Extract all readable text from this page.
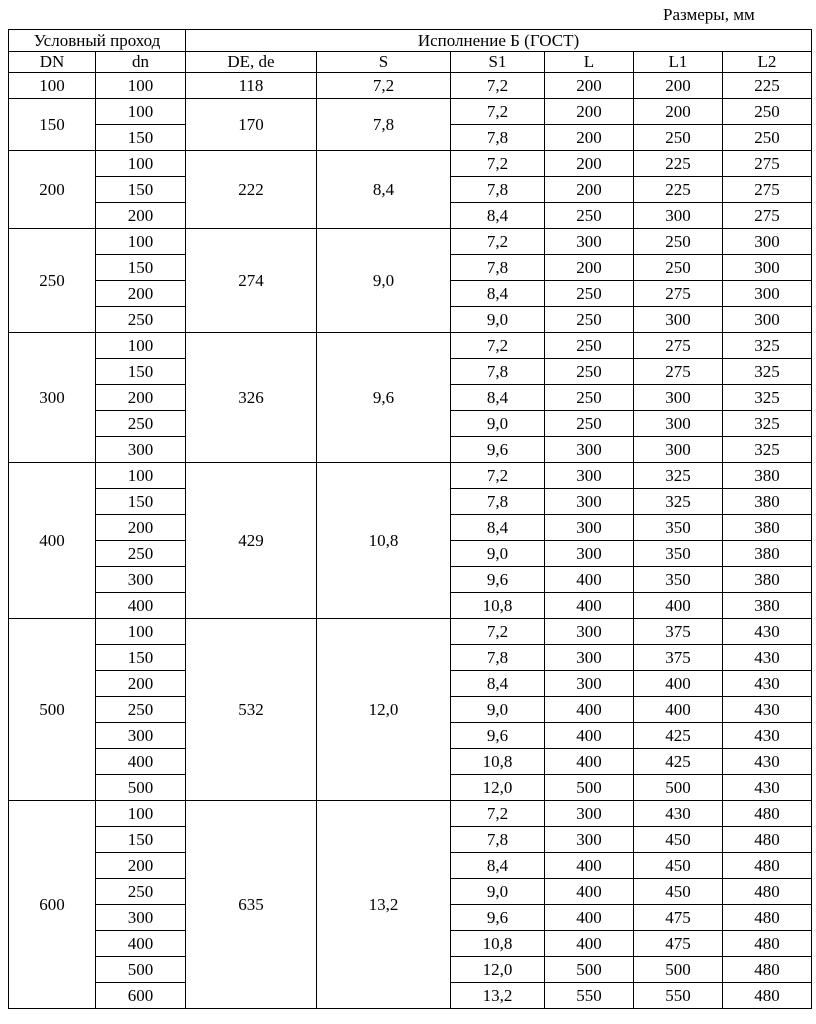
Размеры, мм
Условный проход		Исполнение Б (ГОСТ)					
DN	dn	DE, de	S	S1	L	L1	L2
100	100	118	7,2	7,2	200	200	225
150	100	170	7,8	7,2	200	200	250
	150			7,8	200	250	250
200	100	222	8,4	7,2	200	225	275
	150			7,8	200	225	275
	200			8,4	250	300	275
250	100	274	9,0	7,2	300	250	300
	150			7,8	200	250	300
	200			8,4	250	275	300
	250			9,0	250	300	300
300	100	326	9,6	7,2	250	275	325
	150			7,8	250	275	325
	200			8,4	250	300	325
	250			9,0	250	300	325
	300			9,6	300	300	325
400	100	429	10,8	7,2	300	325	380
	150			7,8	300	325	380
	200			8,4	300	350	380
	250			9,0	300	350	380
	300			9,6	400	350	380
	400			10,8	400	400	380
500	100	532	12,0	7,2	300	375	430
	150			7,8	300	375	430
	200			8,4	300	400	430
	250			9,0	400	400	430
	300			9,6	400	425	430
	400			10,8	400	425	430
	500			12,0	500	500	430
600	100	635	13,2	7,2	300	430	480
	150			7,8	300	450	480
	200			8,4	400	450	480
	250			9,0	400	450	480
	300			9,6	400	475	480
	400			10,8	400	475	480
	500			12,0	500	500	480
	600			13,2	550	550	480
